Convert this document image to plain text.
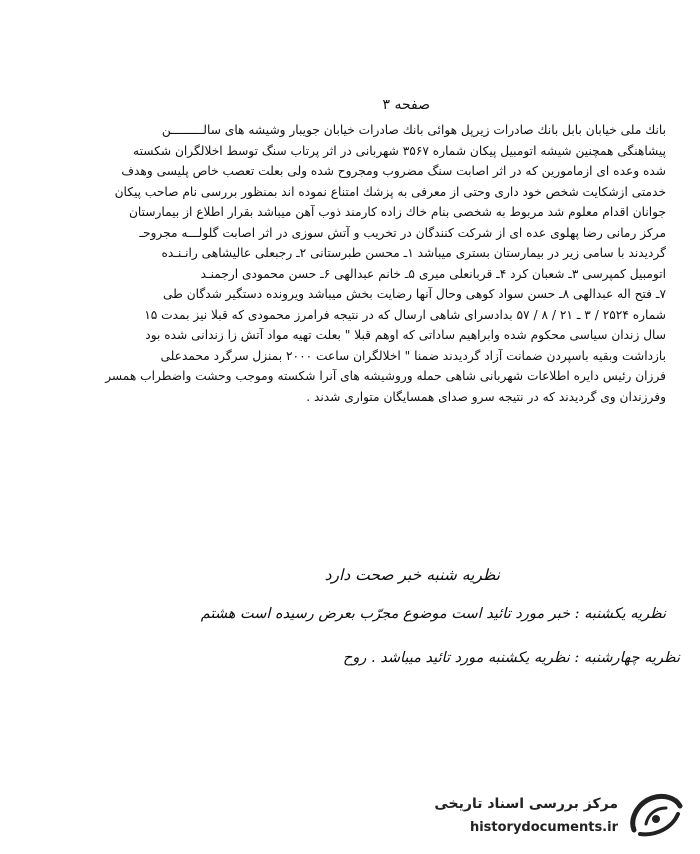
صفحه ۳
بانك ملى خيابان بابل بانك صادرات زيرپل هوائى بانك صادرات خيابان جويبار وشيشه هاى سالـــــــــن
پيشاهنگى همچنين شيشه اتومبيل پيكان شماره ۳۵۶۷ شهربانى در اثر پرتاب سنگ توسط اخلالگران شكسته
شده وعده اى ازمامورين كه در اثر اصابت سنگ مضروب ومجروح شده ولى بعلت تعصب خاص پليسى وهدف
خدمتى ازشكايت شخص خود دارى وحتى از معرفى به پزشك امتناع نموده اند بمنظور بررسى نام صاحب پيكان
جوانان اقدام معلوم شد مربوط به شخصى بنام خاك زاده كارمند ذوب آهن ميباشد بقرار اطلاع از بيمارستان
مركز رمانى رضا پهلوى عده اى از شركت كنندگان در تخريب و آتش سوزى در اثر اصابت گلولـــه مجروحـ
گرديدند با سامى زير در بيمارستان بسترى ميباشد ۱ـ محسن طبرستانى ۲ـ رجبعلى عاليشاهى رانـنـده
اتومبيل كمپرسى ۳ـ شعبان كرد ۴ـ قربانعلى ميرى ۵ـ خانم عبدالهى ۶ـ حسن محمودى ارجمنـد
۷ـ فتح اله عبدالهى ۸ـ حسن سواد كوهى وحال آنها رضايت بخش ميباشد ويرونده دستگير شدگان طى
شماره ۲۵۲۴ / ۳ ـ ۲۱ / ۸ / ۵۷ بدادسراى شاهى ارسال كه در نتيجه فرامرز محمودى كه قبلا نيز بمدت ۱۵
سال زندان سياسى محكوم شده وابراهيم ساداتى كه اوهم قبلا " بعلت تهيه مواد آتش زا زندانى شده بود
بازداشت وبقيه باسپردن ضمانت آزاد گرديدند ضمنا " اخلالگران ساعت ۲۰۰۰ بمنزل سرگرد محمدعلى
فرزان رئيس دايره اطلاعات شهربانى شاهى حمله وروشيشه هاى آنرا شكسته وموجب وحشت واضطراب همسر
وفرزندان وى گرديدند كه در نتيجه سرو صداى همسايگان متوارى شدند .
نظريه شنبه خبر صحت دارد
نظريه يكشنبه : خبر مورد تائيد است موضوع مجرّب بعرض رسيده است هشتم
نظريه چهارشنبه : نظريه يكشنبه مورد تائيد ميباشد . روح
مركز بررسى اسناد تاريخى
historydocuments.ir
